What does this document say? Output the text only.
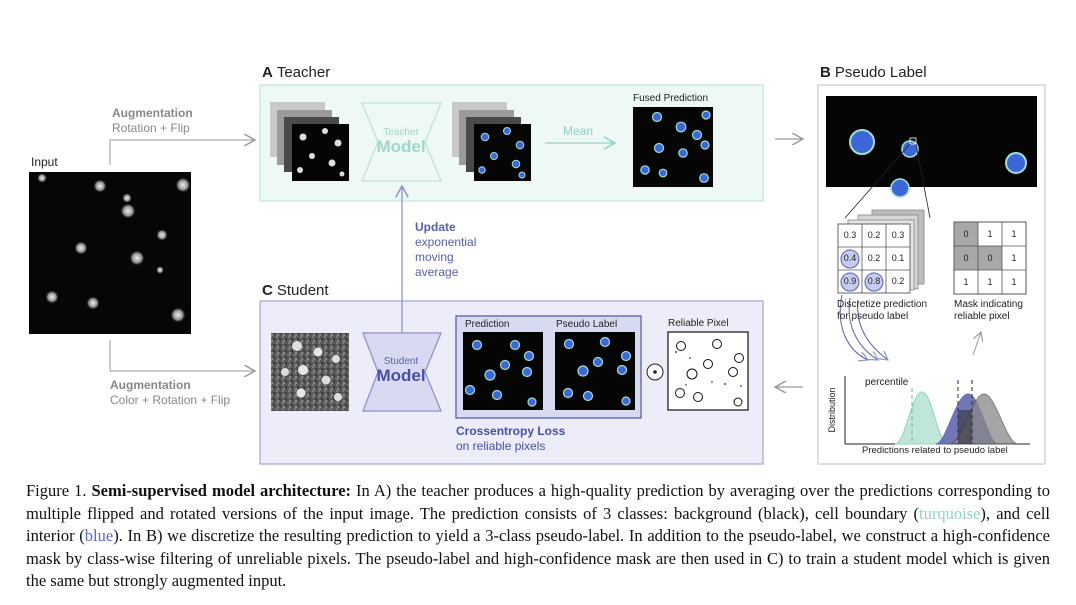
Input
A Teacher
C Student
B Pseudo Label
Augmentation
Rotation + Flip
Augmentation
Color + Rotation + Flip
Teacher
Model
Student
Model
Mean
Fused Prediction
Update
exponential
moving
average
Prediction	Pseudo Label	Reliable Pixel
Crossentropy Loss
on reliable pixels
0.3	0.2	0.3
0.4	0.2	0.1
0.9	0.8	0.2
0	1	1
0	0	1
1	1	1
Discretize prediction
for pseudo label
Mask indicating
reliable pixel
percentile
Distribution
Predictions related to pseudo label
Figure 1. Semi-supervised model architecture: In A) the teacher produces a high-quality prediction by averaging over the predictions corresponding to multiple flipped and rotated versions of the input image. The prediction consists of 3 classes: background (black), cell boundary (turquoise), and cell interior (blue). In B) we discretize the resulting prediction to yield a 3-class pseudo-label. In addition to the pseudo-label, we construct a high-confidence mask by class-wise filtering of unreliable pixels. The pseudo-label and high-confidence mask are then used in C) to train a student model which is given the same but strongly augmented input.
